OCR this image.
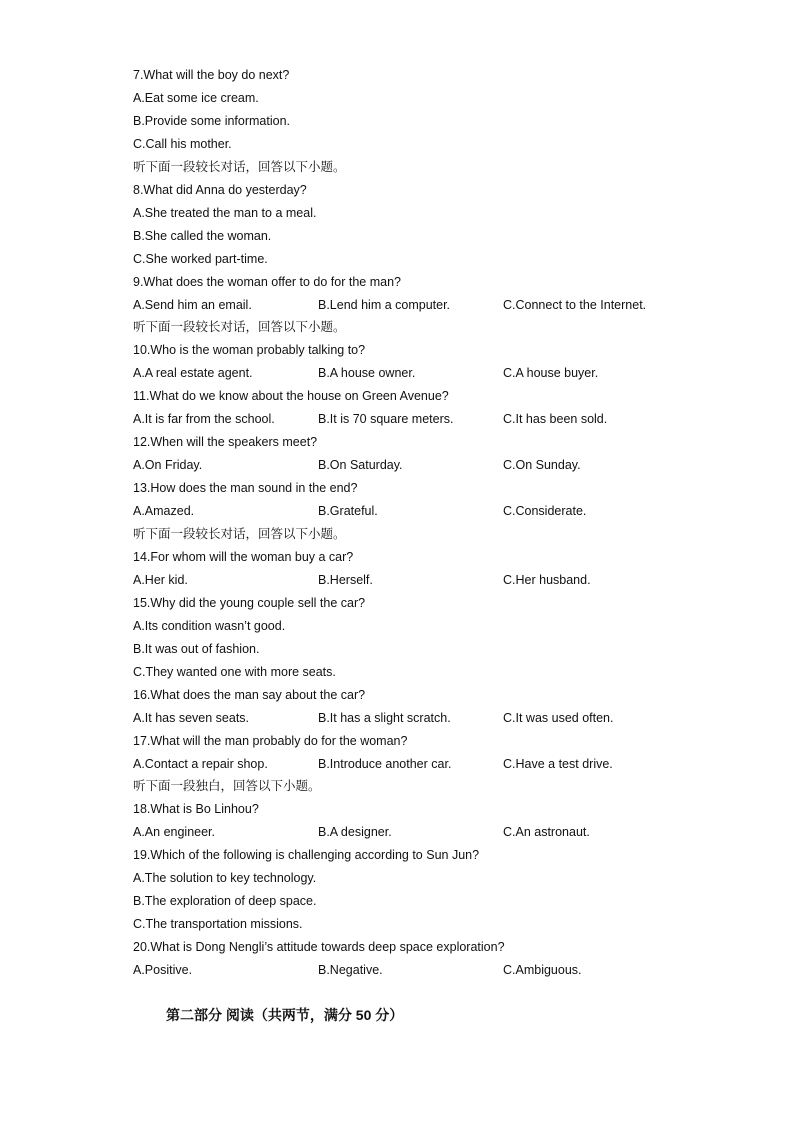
7.What will the boy do next?
A.Eat some ice cream.
B.Provide some information.
C.Call his mother.
听下面一段较长对话，回答以下小题。
8.What did Anna do yesterday?
A.She treated the man to a meal.
B.She called the woman.
C.She worked part-time.
9.What does the woman offer to do for the man?
A.Send him an email.	B.Lend him a computer.	C.Connect to the Internet.
听下面一段较长对话，回答以下小题。
10.Who is the woman probably talking to?
A.A real estate agent.	B.A house owner.	C.A house buyer.
11.What do we know about the house on Green Avenue?
A.It is far from the school.	B.It is 70 square meters.	C.It has been sold.
12.When will the speakers meet?
A.On Friday.	B.On Saturday.	C.On Sunday.
13.How does the man sound in the end?
A.Amazed.	B.Grateful.	C.Considerate.
听下面一段较长对话，回答以下小题。
14.For whom will the woman buy a car?
A.Her kid.	B.Herself.	C.Her husband.
15.Why did the young couple sell the car?
A.Its condition wasn’t good.
B.It was out of fashion.
C.They wanted one with more seats.
16.What does the man say about the car?
A.It has seven seats.	B.It has a slight scratch.	C.It was used often.
17.What will the man probably do for the woman?
A.Contact a repair shop.	B.Introduce another car.	C.Have a test drive.
听下面一段独白，回答以下小题。
18.What is Bo Linhou?
A.An engineer.	B.A designer.	C.An astronaut.
19.Which of the following is challenging according to Sun Jun?
A.The solution to key technology.
B.The exploration of deep space.
C.The transportation missions.
20.What is Dong Nengli’s attitude towards deep space exploration?
A.Positive.	B.Negative.	C.Ambiguous.
第二部分 阅读（共两节，满分 50 分）
